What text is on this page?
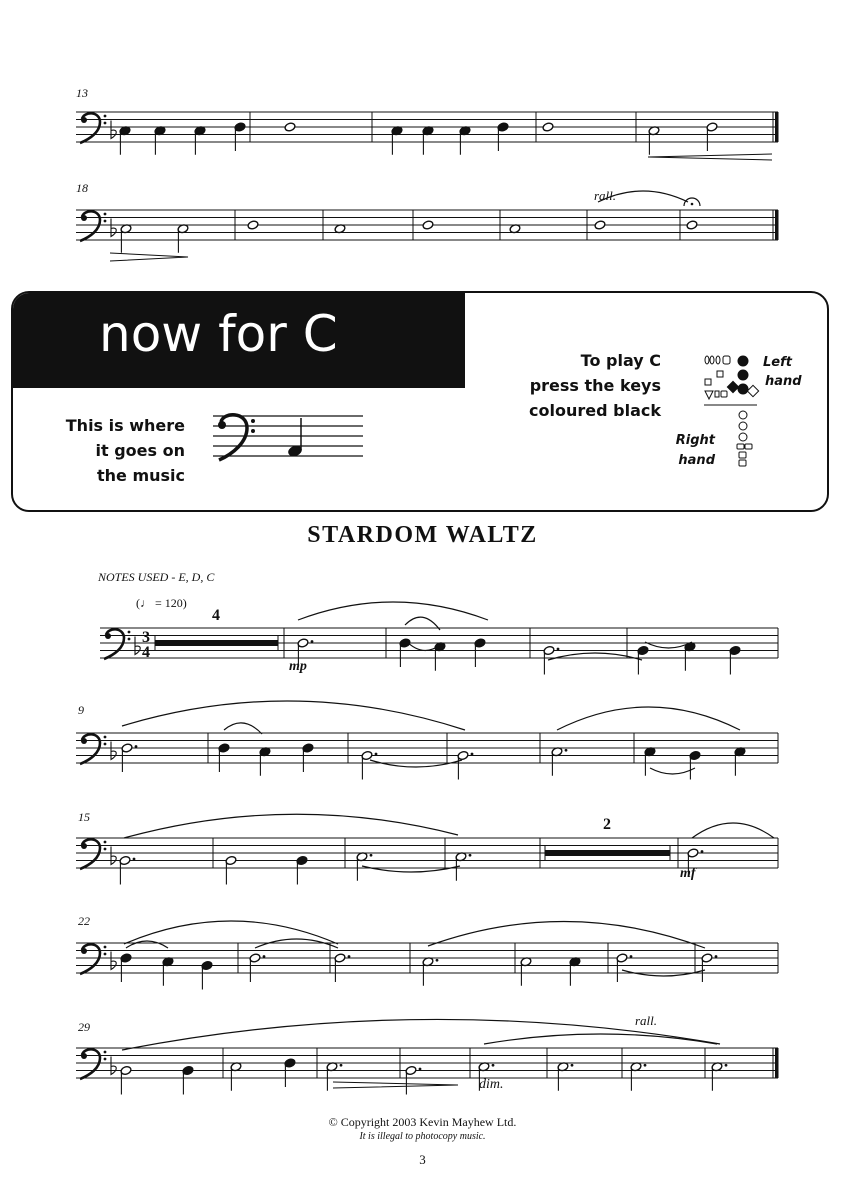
3
4
13
18	rall.
now for C
This is where
it goes on
the music
To play C
press the keys
coloured black
Left
hand
Right
hand
STARDOM WALTZ
NOTES USED - E, D, C
(♩ = 120)
4
mp
9
15	2
mf
22
29	rall.
dim.
© Copyright 2003 Kevin Mayhew Ltd.
It is illegal to photocopy music.
3
